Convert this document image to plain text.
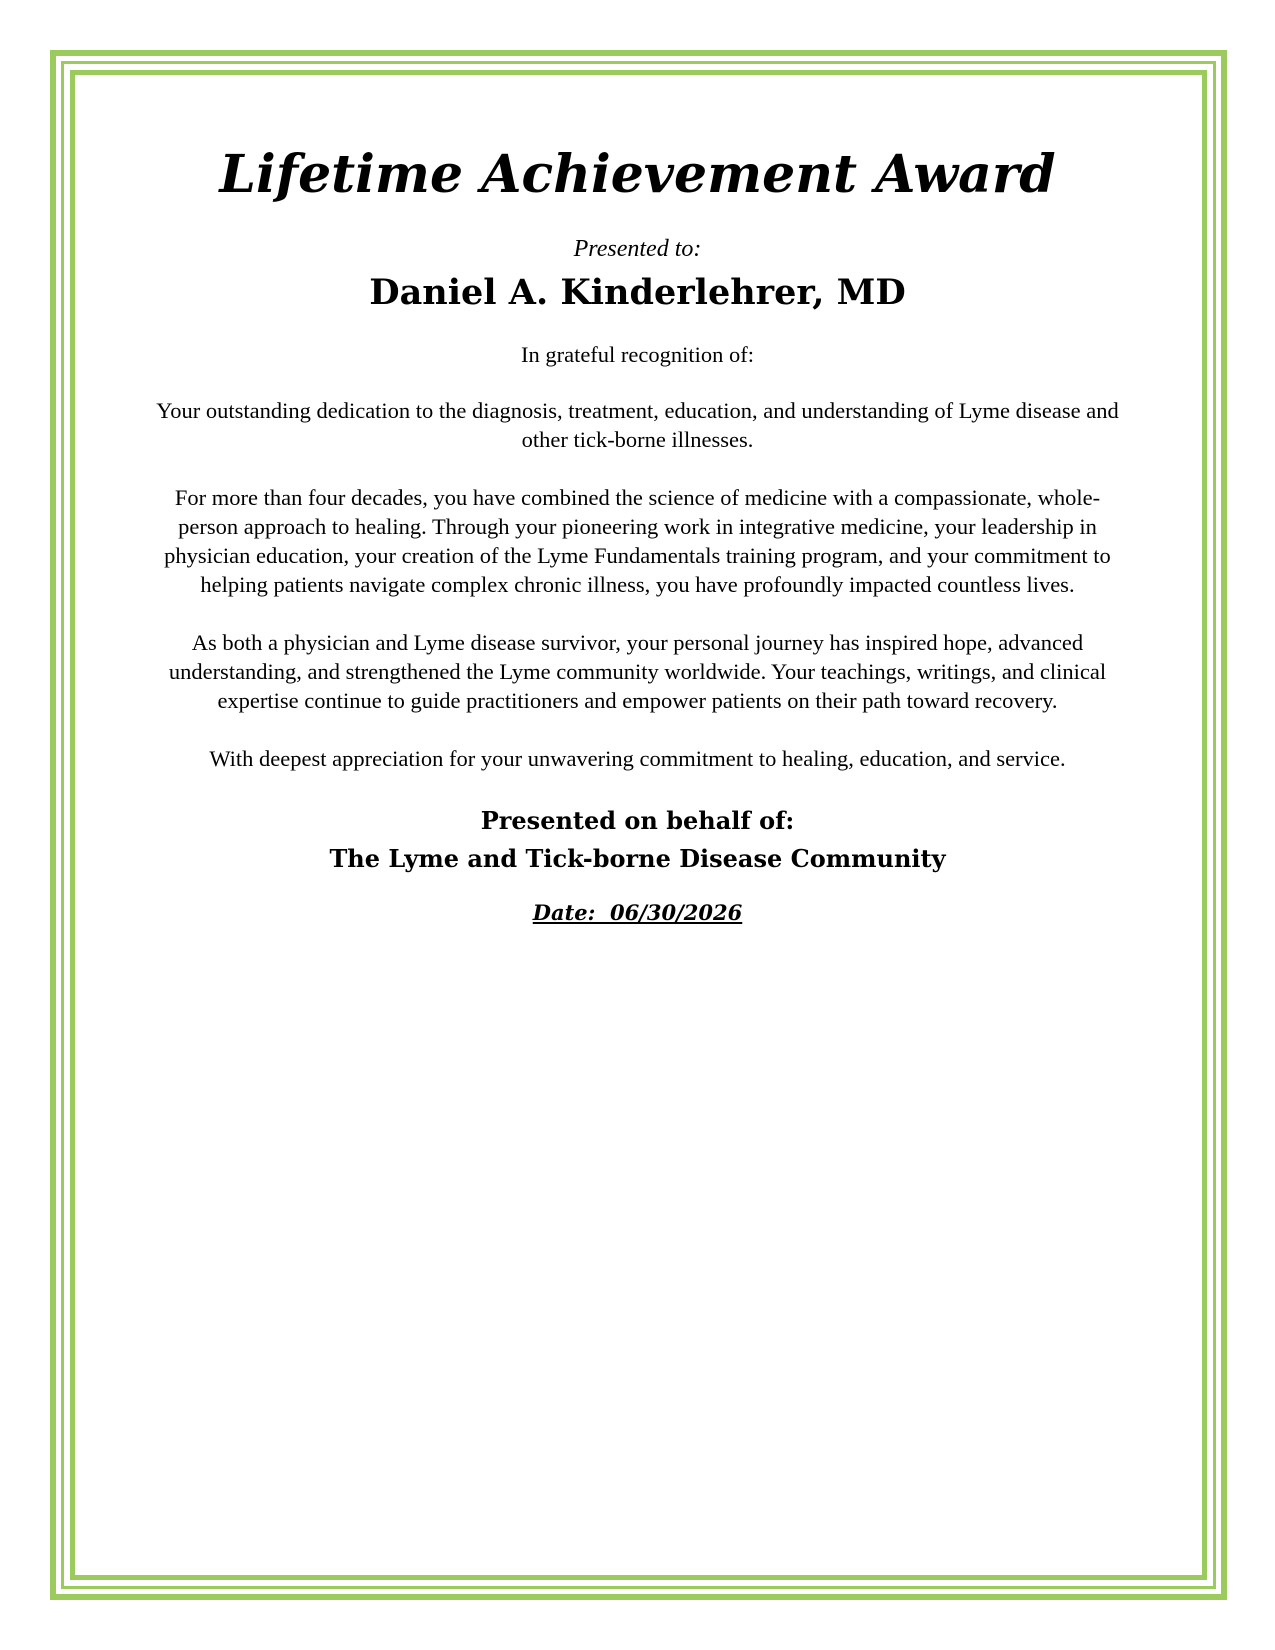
Lifetime Achievement Award
Presented to:
Daniel A. Kinderlehrer, MD
In grateful recognition of:
Your outstanding dedication to the diagnosis, treatment, education, and understanding of Lyme disease and other tick-borne illnesses.
For more than four decades, you have combined the science of medicine with a compassionate, whole-person approach to healing. Through your pioneering work in integrative medicine, your leadership in physician education, your creation of the Lyme Fundamentals training program, and your commitment to helping patients navigate complex chronic illness, you have profoundly impacted countless lives.
As both a physician and Lyme disease survivor, your personal journey has inspired hope, advanced understanding, and strengthened the Lyme community worldwide. Your teachings, writings, and clinical expertise continue to guide practitioners and empower patients on their path toward recovery.
With deepest appreciation for your unwavering commitment to healing, education, and service.
Presented on behalf of:
The Lyme and Tick-borne Disease Community
Date:  06/30/2026
